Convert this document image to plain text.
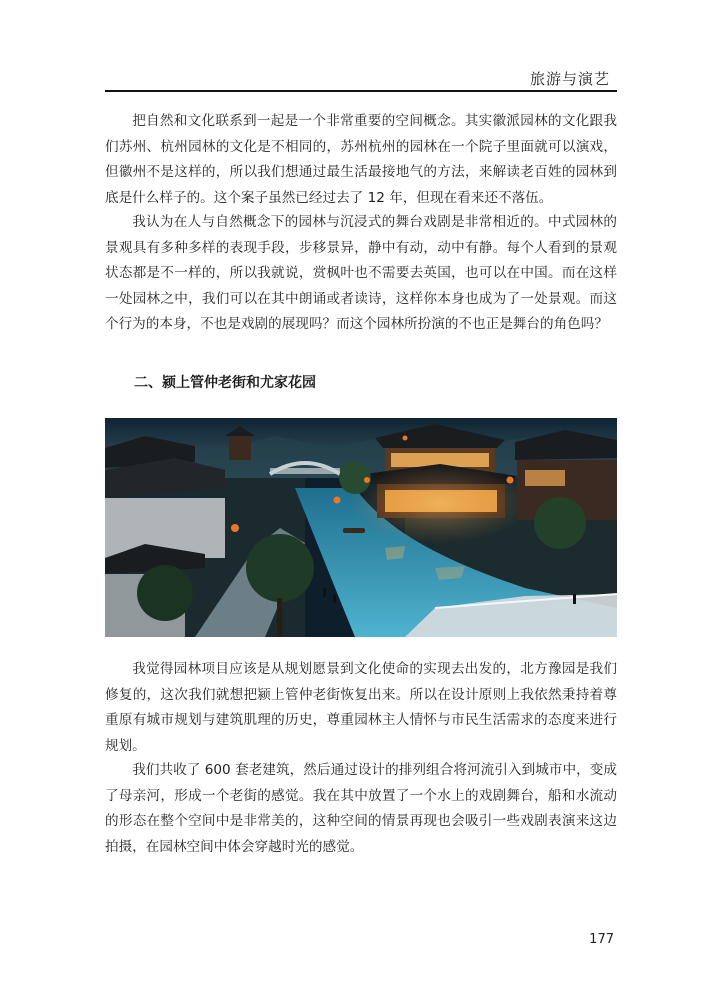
旅游与演艺

把自然和文化联系到一起是一个非常重要的空间概念。其实徽派园林的文化跟我们苏州、杭州园林的文化是不相同的，苏州杭州的园林在一个院子里面就可以演戏，但徽州不是这样的，所以我们想通过最生活最接地气的方法，来解读老百姓的园林到底是什么样子的。这个案子虽然已经过去了 12 年，但现在看来还不落伍。

我认为在人与自然概念下的园林与沉浸式的舞台戏剧是非常相近的。中式园林的景观具有多种多样的表现手段，步移景异，静中有动，动中有静。每个人看到的景观状态都是不一样的，所以我就说，赏枫叶也不需要去英国，也可以在中国。而在这样一处园林之中，我们可以在其中朗诵或者读诗，这样你本身也成为了一处景观。而这个行为的本身，不也是戏剧的展现吗？而这个园林所扮演的不也正是舞台的角色吗？

二、颍上管仲老街和尤家花园

我觉得园林项目应该是从规划愿景到文化使命的实现去出发的，北方豫园是我们修复的，这次我们就想把颍上管仲老街恢复出来。所以在设计原则上我依然秉持着尊重原有城市规划与建筑肌理的历史，尊重园林主人情怀与市民生活需求的态度来进行规划。

我们共收了 600 套老建筑，然后通过设计的排列组合将河流引入到城市中，变成了母亲河，形成一个老街的感觉。我在其中放置了一个水上的戏剧舞台，船和水流动的形态在整个空间中是非常美的，这种空间的情景再现也会吸引一些戏剧表演来这边拍摄，在园林空间中体会穿越时光的感觉。

177
